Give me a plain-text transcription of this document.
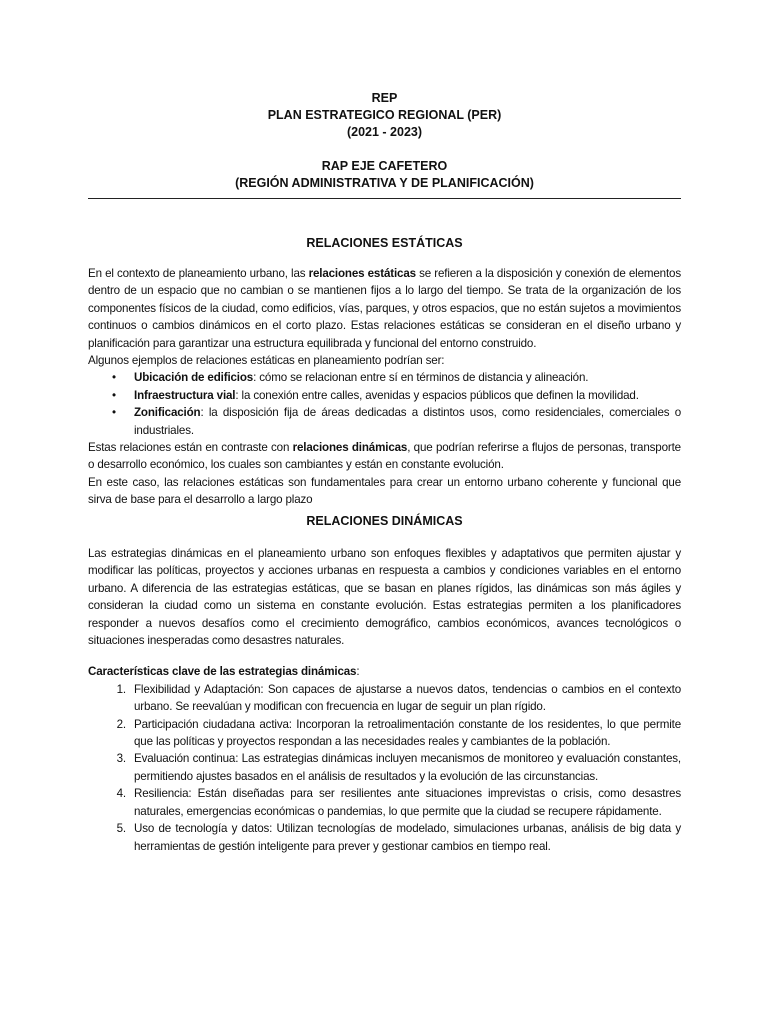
REP
PLAN ESTRATEGICO REGIONAL (PER)
(2021 - 2023)
RAP EJE CAFETERO
(REGIÓN ADMINISTRATIVA Y DE PLANIFICACIÓN)
RELACIONES ESTÁTICAS

En el contexto de planeamiento urbano, las relaciones estáticas se refieren a la disposición y conexión de elementos dentro de un espacio que no cambian o se mantienen fijos a lo largo del tiempo. Se trata de la organización de los componentes físicos de la ciudad, como edificios, vías, parques, y otros espacios, que no están sujetos a movimientos continuos o cambios dinámicos en el corto plazo. Estas relaciones estáticas se consideran en el diseño urbano y planificación para garantizar una estructura equilibrada y funcional del entorno construido.

Algunos ejemplos de relaciones estáticas en planeamiento podrían ser:

• Ubicación de edificios: cómo se relacionan entre sí en términos de distancia y alineación.
• Infraestructura vial: la conexión entre calles, avenidas y espacios públicos que definen la movilidad.
• Zonificación: la disposición fija de áreas dedicadas a distintos usos, como residenciales, comerciales o industriales.

Estas relaciones están en contraste con relaciones dinámicas, que podrían referirse a flujos de personas, transporte o desarrollo económico, los cuales son cambiantes y están en constante evolución.

En este caso, las relaciones estáticas son fundamentales para crear un entorno urbano coherente y funcional que sirva de base para el desarrollo a largo plazo

RELACIONES DINÁMICAS

Las estrategias dinámicas en el planeamiento urbano son enfoques flexibles y adaptativos que permiten ajustar y modificar las políticas, proyectos y acciones urbanas en respuesta a cambios y condiciones variables en el entorno urbano. A diferencia de las estrategias estáticas, que se basan en planes rígidos, las dinámicas son más ágiles y consideran la ciudad como un sistema en constante evolución. Estas estrategias permiten a los planificadores responder a nuevos desafíos como el crecimiento demográfico, cambios económicos, avances tecnológicos o situaciones inesperadas como desastres naturales.

Características clave de las estrategias dinámicas:

1. Flexibilidad y Adaptación: Son capaces de ajustarse a nuevos datos, tendencias o cambios en el contexto urbano. Se reevalúan y modifican con frecuencia en lugar de seguir un plan rígido.
2. Participación ciudadana activa: Incorporan la retroalimentación constante de los residentes, lo que permite que las políticas y proyectos respondan a las necesidades reales y cambiantes de la población.
3. Evaluación continua: Las estrategias dinámicas incluyen mecanismos de monitoreo y evaluación constantes, permitiendo ajustes basados en el análisis de resultados y la evolución de las circunstancias.
4. Resiliencia: Están diseñadas para ser resilientes ante situaciones imprevistas o crisis, como desastres naturales, emergencias económicas o pandemias, lo que permite que la ciudad se recupere rápidamente.
5. Uso de tecnología y datos: Utilizan tecnologías de modelado, simulaciones urbanas, análisis de big data y herramientas de gestión inteligente para prever y gestionar cambios en tiempo real.
